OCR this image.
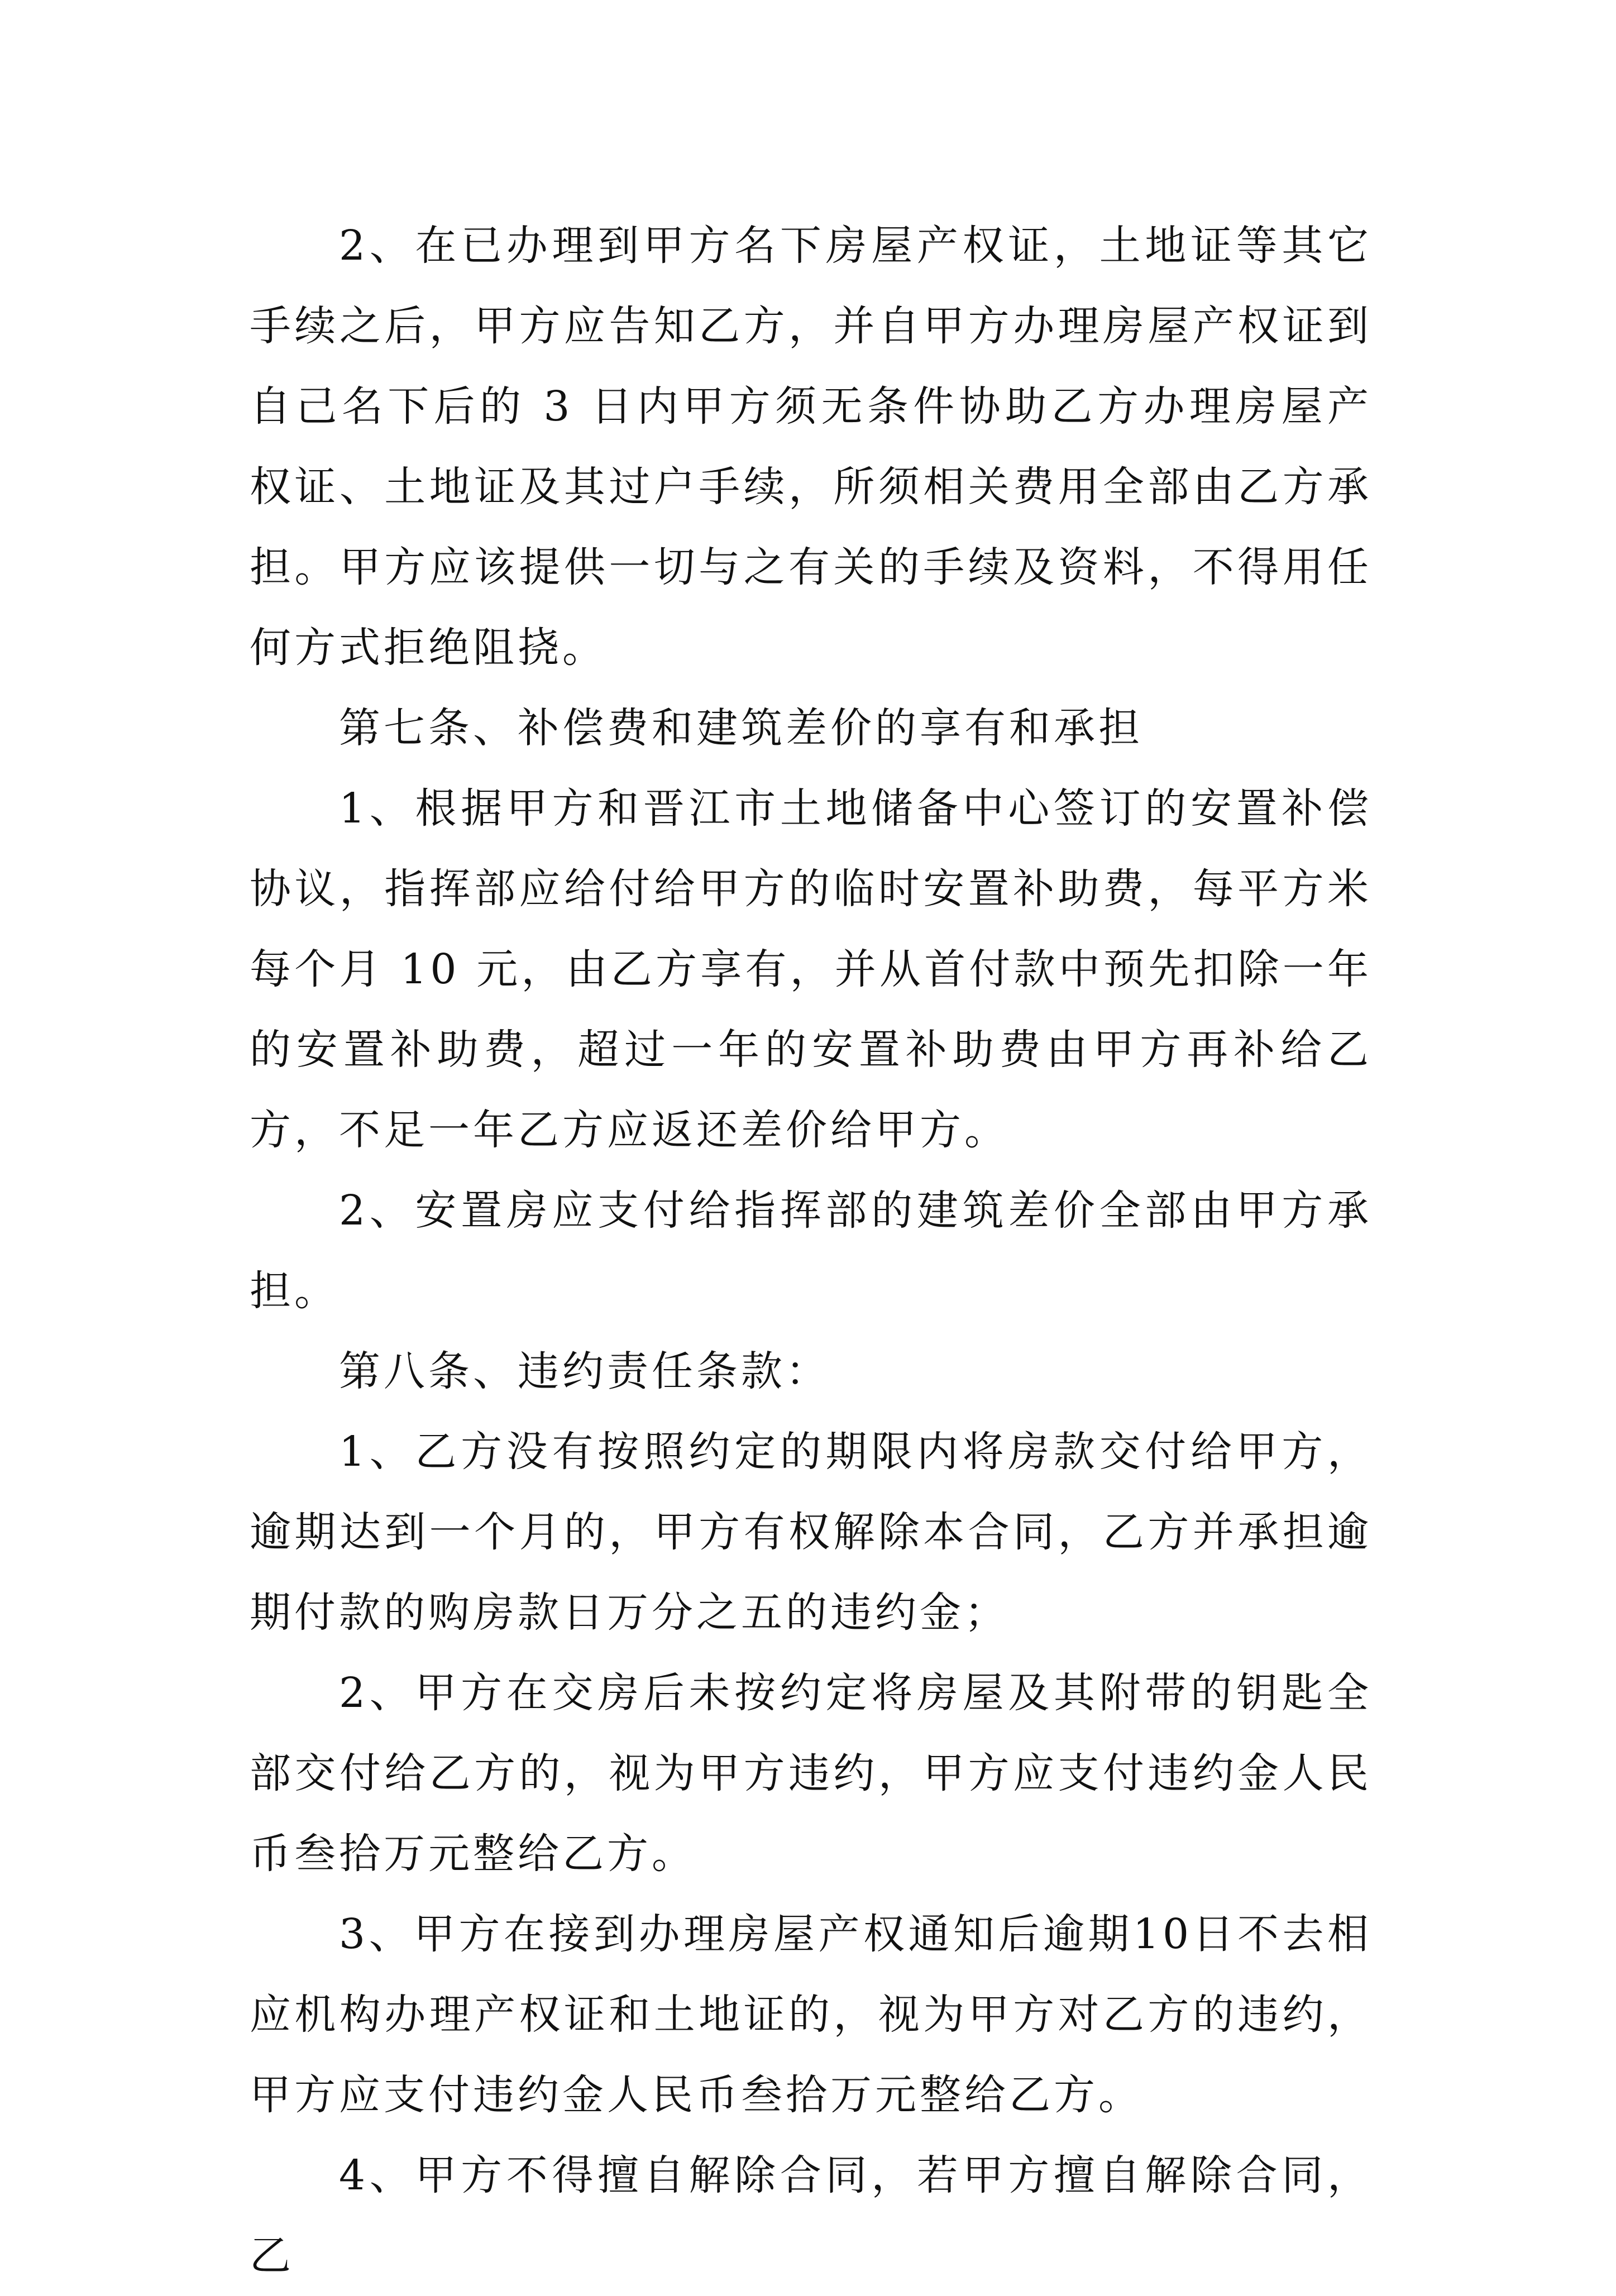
2、在已办理到甲方名下房屋产权证，土地证等其它手续之后，甲方应告知乙方，并自甲方办理房屋产权证到自己名下后的 3 日内甲方须无条件协助乙方办理房屋产权证、土地证及其过户手续，所须相关费用全部由乙方承担。甲方应该提供一切与之有关的手续及资料，不得用任何方式拒绝阻挠。

第七条、补偿费和建筑差价的享有和承担

1、根据甲方和晋江市土地储备中心签订的安置补偿协议，指挥部应给付给甲方的临时安置补助费，每平方米每个月 10 元，由乙方享有，并从首付款中预先扣除一年的安置补助费，超过一年的安置补助费由甲方再补给乙方，不足一年乙方应返还差价给甲方。

2、安置房应支付给指挥部的建筑差价全部由甲方承担。

第八条、违约责任条款：

1、乙方没有按照约定的期限内将房款交付给甲方，逾期达到一个月的，甲方有权解除本合同，乙方并承担逾期付款的购房款日万分之五的违约金；

2、甲方在交房后未按约定将房屋及其附带的钥匙全部交付给乙方的，视为甲方违约，甲方应支付违约金人民币叁拾万元整给乙方。

3、甲方在接到办理房屋产权通知后逾期10日不去相应机构办理产权证和土地证的，视为甲方对乙方的违约，甲方应支付违约金人民币叁拾万元整给乙方。

4、甲方不得擅自解除合同，若甲方擅自解除合同，乙
